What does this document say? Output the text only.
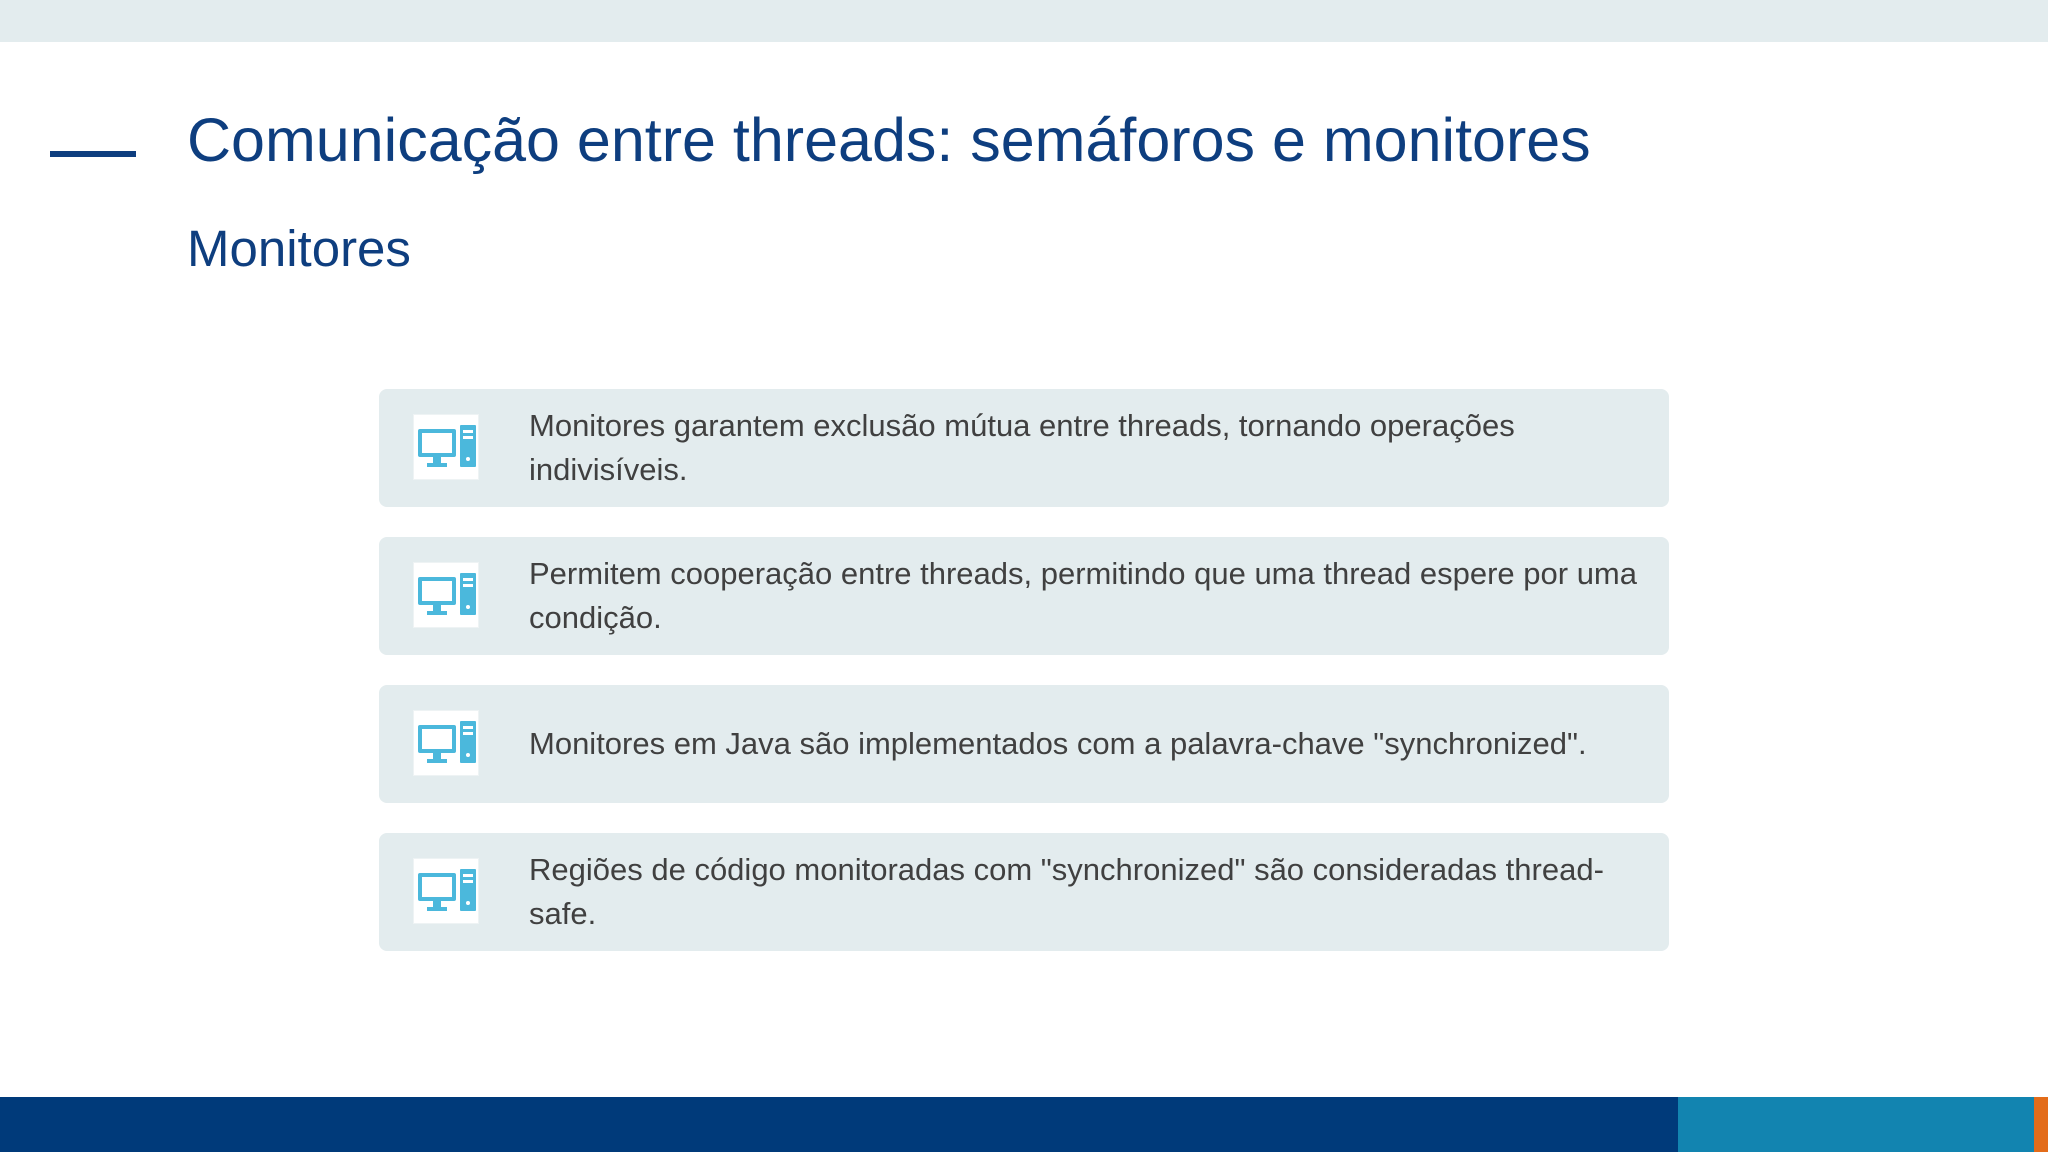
Comunicação entre threads: semáforos e monitores
Monitores
Monitores garantem exclusão mútua entre threads, tornando operações indivisíveis.
Permitem cooperação entre threads, permitindo que uma thread espere por uma condição.
Monitores em Java são implementados com a palavra-chave "synchronized".
Regiões de código monitoradas com "synchronized" são consideradas thread-safe.
